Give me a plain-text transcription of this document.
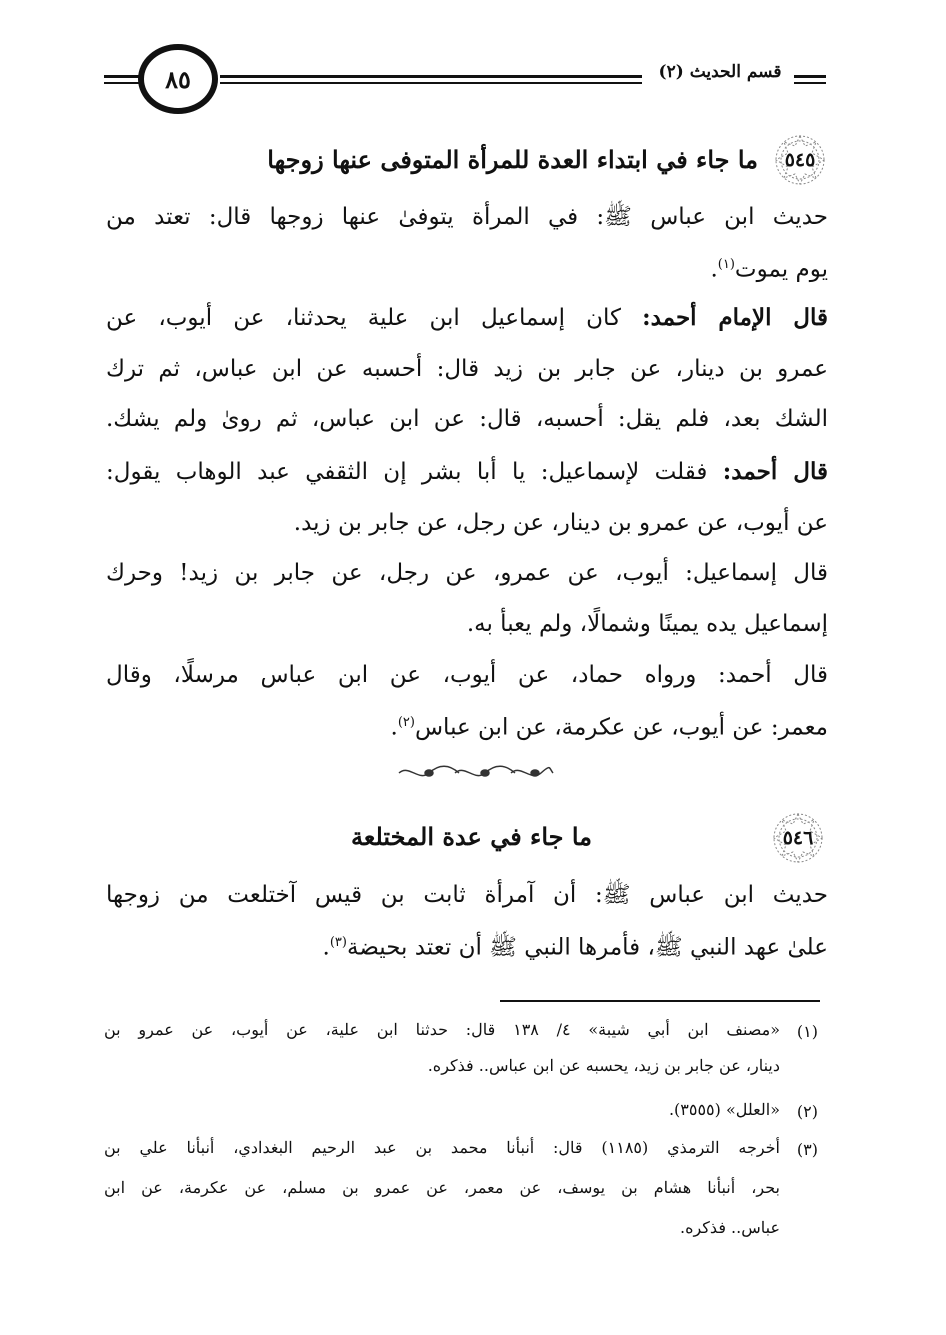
٨٥	قسم الحديث (٢)
٥٤٥
ما جاء في ابتداء العدة للمرأة المتوفى عنها زوجها
حديث ابن عباس ﷺ: في المرأة يتوفىٰ عنها زوجها قال: تعتد من
يوم يموت$^{(١)}$.
قال الإمام أحمد: كان إسماعيل ابن علية يحدثنا، عن أيوب، عن
عمرو بن دينار، عن جابر بن زيد قال: أحسبه عن ابن عباس، ثم ترك
الشك بعد، فلم يقل: أحسبه، قال: عن ابن عباس، ثم رویٰ ولم يشك.
قال أحمد: فقلت لإسماعيل: يا أبا بشر إن الثقفي عبد الوهاب يقول:
عن أيوب، عن عمرو بن دينار، عن رجل، عن جابر بن زيد.
قال إسماعيل: أيوب، عن عمرو، عن رجل، عن جابر بن زيد! وحرك
إسماعيل يده يمينًا وشمالًا، ولم يعبأ به.
قال أحمد: ورواه حماد، عن أيوب، عن ابن عباس مرسلًا، وقال
معمر: عن أيوب، عن عكرمة، عن ابن عباس$^{(٢)}$.
٥٤٦
ما جاء في عدة المختلعة
حديث ابن عباس ﷺ: أن آمرأة ثابت بن قيس آختلعت من زوجها
علىٰ عهد النبي ﷺ، فأمرها النبي ﷺ أن تعتد بحيضة$^{(٣)}$.
(١)
«مصنف ابن أبي شيبة» ٤/ ١٣٨ قال: حدثنا ابن علية، عن أيوب، عن عمرو بن
دينار، عن جابر بن زيد، يحسبه عن ابن عباس.. فذكره.
(٢)
«العلل» (٣٥٥٥).
(٣)
أخرجه الترمذي (١١٨٥) قال: أنبأنا محمد بن عبد الرحيم البغدادي، أنبأنا علي بن
بحر، أنبأنا هشام بن يوسف، عن معمر، عن عمرو بن مسلم، عن عكرمة، عن ابن
عباس.. فذكره.
